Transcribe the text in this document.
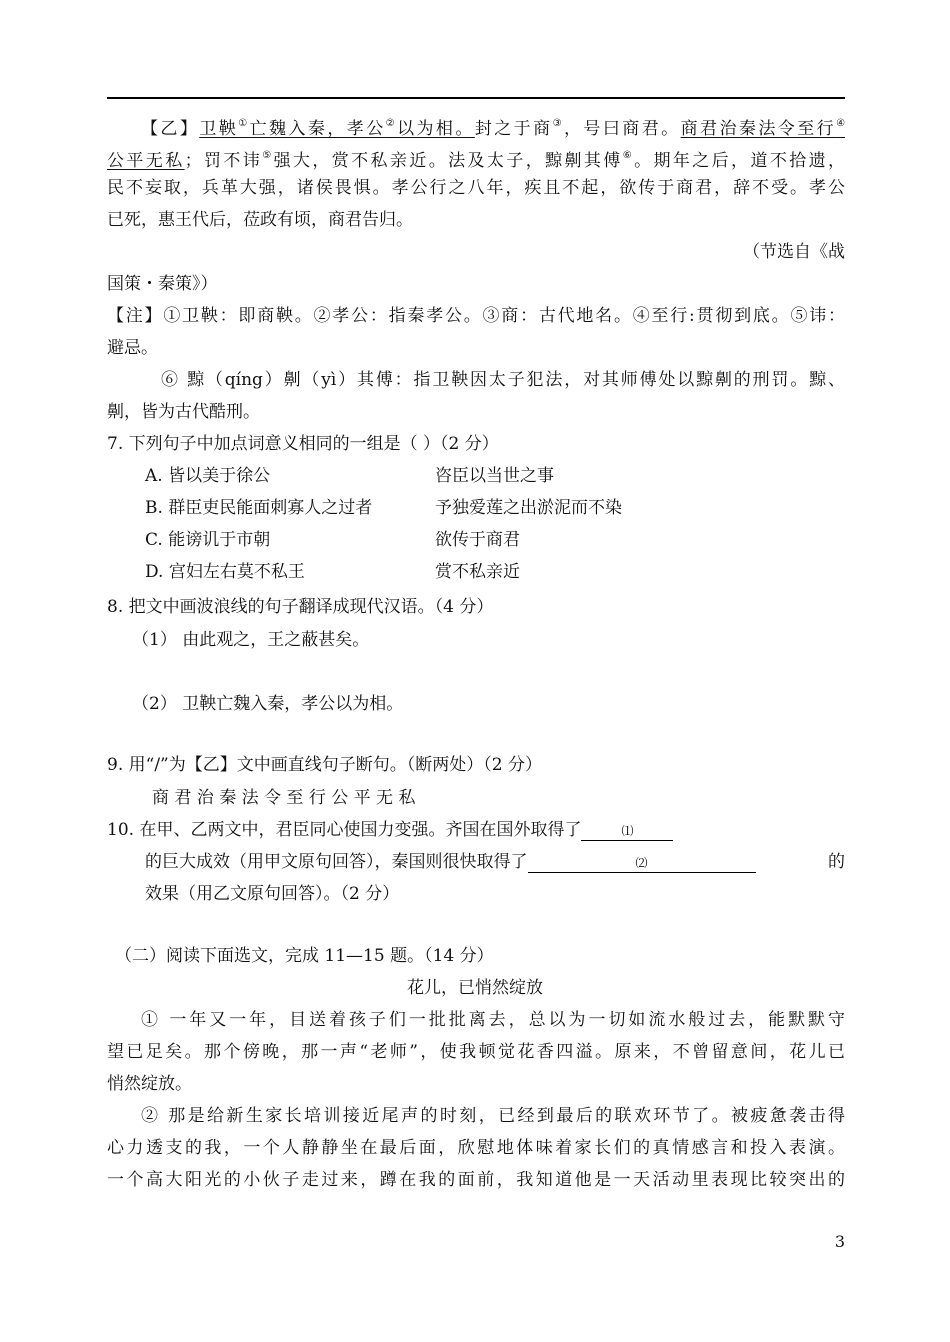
【乙】卫鞅①亡魏入秦，孝公②以为相。封之于商③，号曰商君。商君治秦法令至行④
公平无私；罚不讳⑤强大，赏不私亲近。法及太子，黥劓其傅⑥。期年之后，道不拾遗，
民不妄取，兵革大强，诸侯畏惧。孝公行之八年，疾且不起，欲传于商君，辞不受。孝公
已死，惠王代后，莅政有顷，商君告归。
（节选自《战
国策・秦策》）
【注】①卫鞅：即商鞅。②孝公：指秦孝公。③商：古代地名。④至行:贯彻到底。⑤讳：
避忌。
⑥ 黥（qíng）劓（yì）其傅：指卫鞅因太子犯法，对其师傅处以黥劓的刑罚。黥、
劓，皆为古代酷刑。
7. 下列句子中加点词意义相同的一组是（ ）（2 分）
A. 皆以美于徐公	咨臣以当世之事
B. 群臣吏民能面刺寡人之过者	予独爱莲之出淤泥而不染
C. 能谤讥于市朝	欲传于商君
D. 宫妇左右莫不私王	赏不私亲近
8. 把文中画波浪线的句子翻译成现代汉语。（4 分）
（1） 由此观之，王之蔽甚矣。
（2） 卫鞅亡魏入秦，孝公以为相。
9. 用“/”为【乙】文中画直线句子断句。（断两处）（2 分）
商 君 治 秦 法 令 至 行 公 平 无 私
10. 在甲、乙两文中，君臣同心使国力变强。齐国在国外取得了	⑴
的巨大成效（用甲文原句回答），秦国则很快取得了	⑵	的
效果（用乙文原句回答）。（2 分）
（二）阅读下面选文，完成 11—15 题。（14 分）
花儿，已悄然绽放
① 一年又一年，目送着孩子们一批批离去，总以为一切如流水般过去，能默默守
望已足矣。那个傍晚，那一声“老师”，使我顿觉花香四溢。原来，不曾留意间，花儿已
悄然绽放。
② 那是给新生家长培训接近尾声的时刻，已经到最后的联欢环节了。被疲惫袭击得
心力透支的我，一个人静静坐在最后面，欣慰地体味着家长们的真情感言和投入表演。
一个高大阳光的小伙子走过来，蹲在我的面前，我知道他是一天活动里表现比较突出的
3
